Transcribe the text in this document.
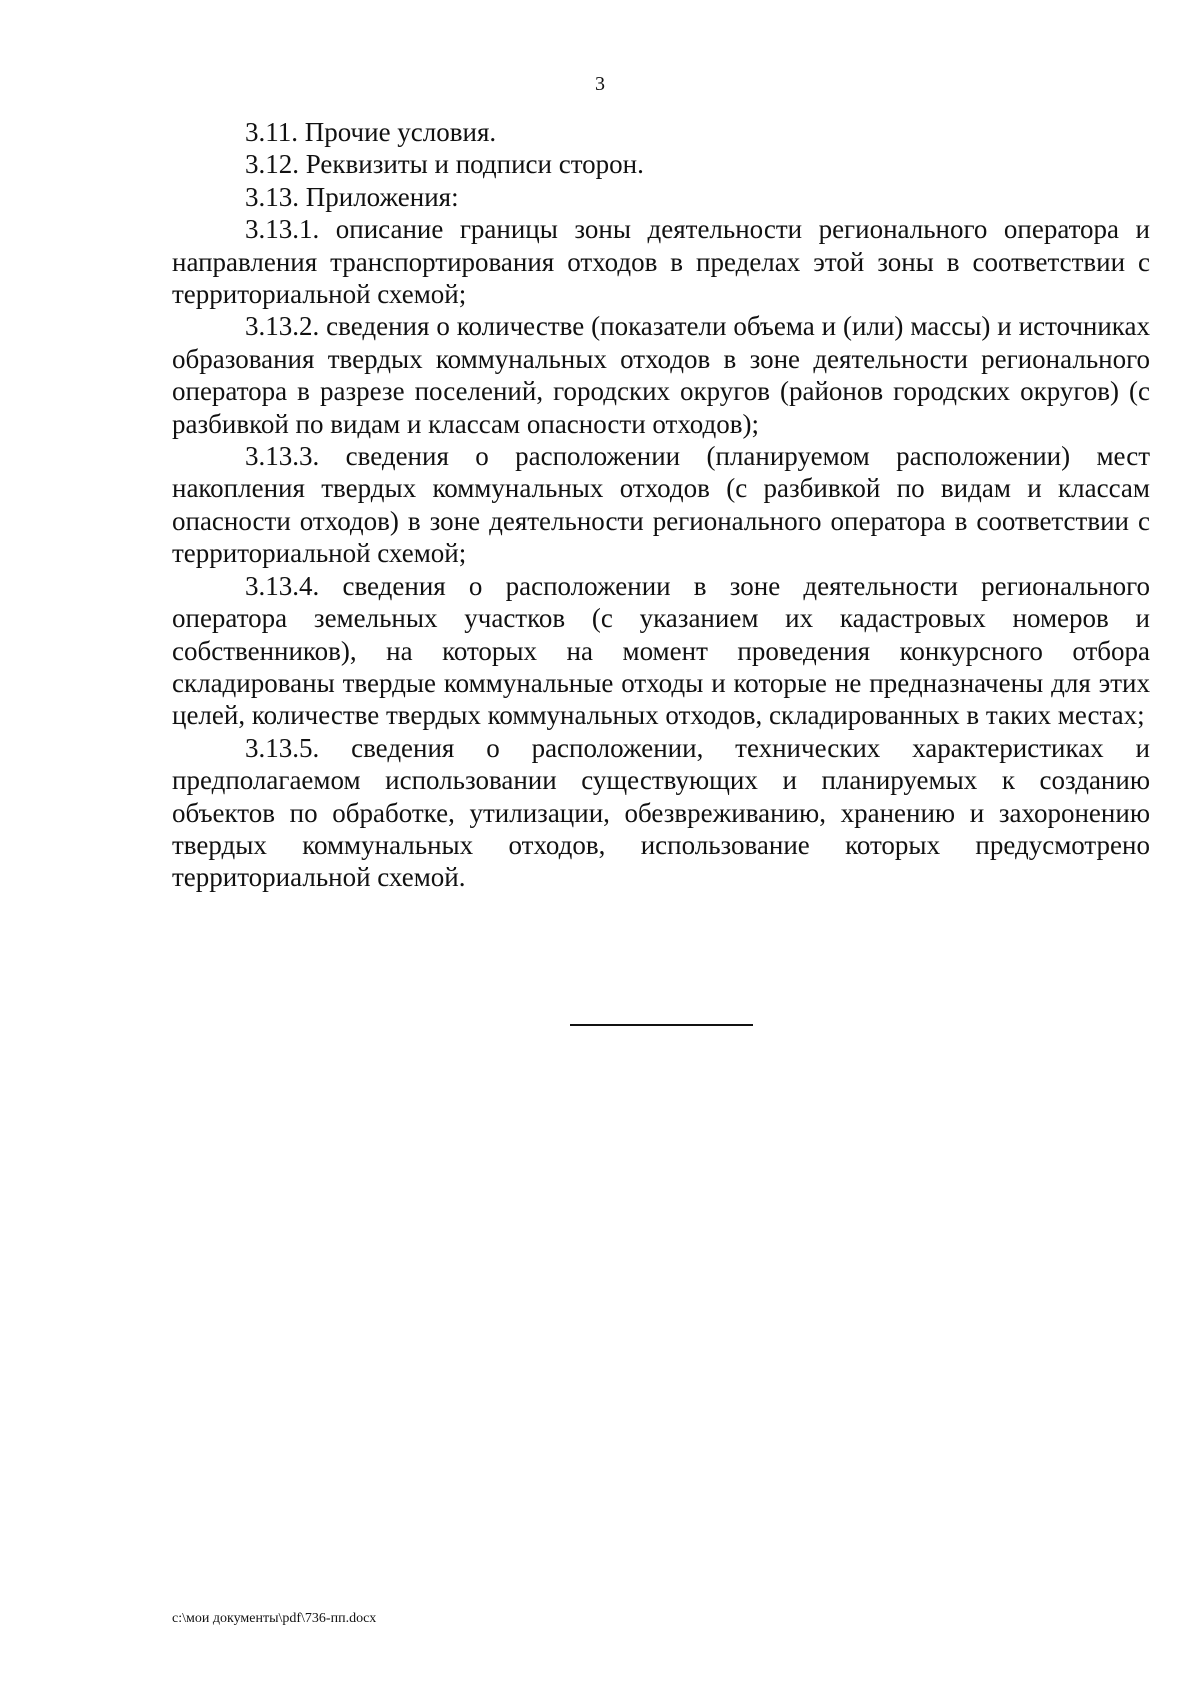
3

3.11. Прочие условия.

3.12. Реквизиты и подписи сторон.

3.13. Приложения:

3.13.1. описание границы зоны деятельности регионального оператора и направления транспортирования отходов в пределах этой зоны в соответствии с территориальной схемой;

3.13.2. сведения о количестве (показатели объема и (или) массы) и источниках образования твердых коммунальных отходов в зоне деятельности регионального оператора в разрезе поселений, городских округов (районов городских округов) (с разбивкой по видам и классам опасности отходов);

3.13.3. сведения о расположении (планируемом расположении) мест накопления твердых коммунальных отходов (с разбивкой по видам и классам опасности отходов) в зоне деятельности регионального оператора в соответствии с территориальной схемой;

3.13.4. сведения о расположении в зоне деятельности регионального оператора земельных участков (с указанием их кадастровых номеров и собственников), на которых на момент проведения конкурсного отбора складированы твердые коммунальные отходы и которые не предназначены для этих целей, количестве твердых коммунальных отходов, складированных в таких местах;

3.13.5. сведения о расположении, технических характеристиках и предполагаемом использовании существующих и планируемых к созданию объектов по обработке, утилизации, обезвреживанию, хранению и захоронению твердых коммунальных отходов, использование которых предусмотрено территориальной схемой.

c:\мои документы\pdf\736-пп.docx
